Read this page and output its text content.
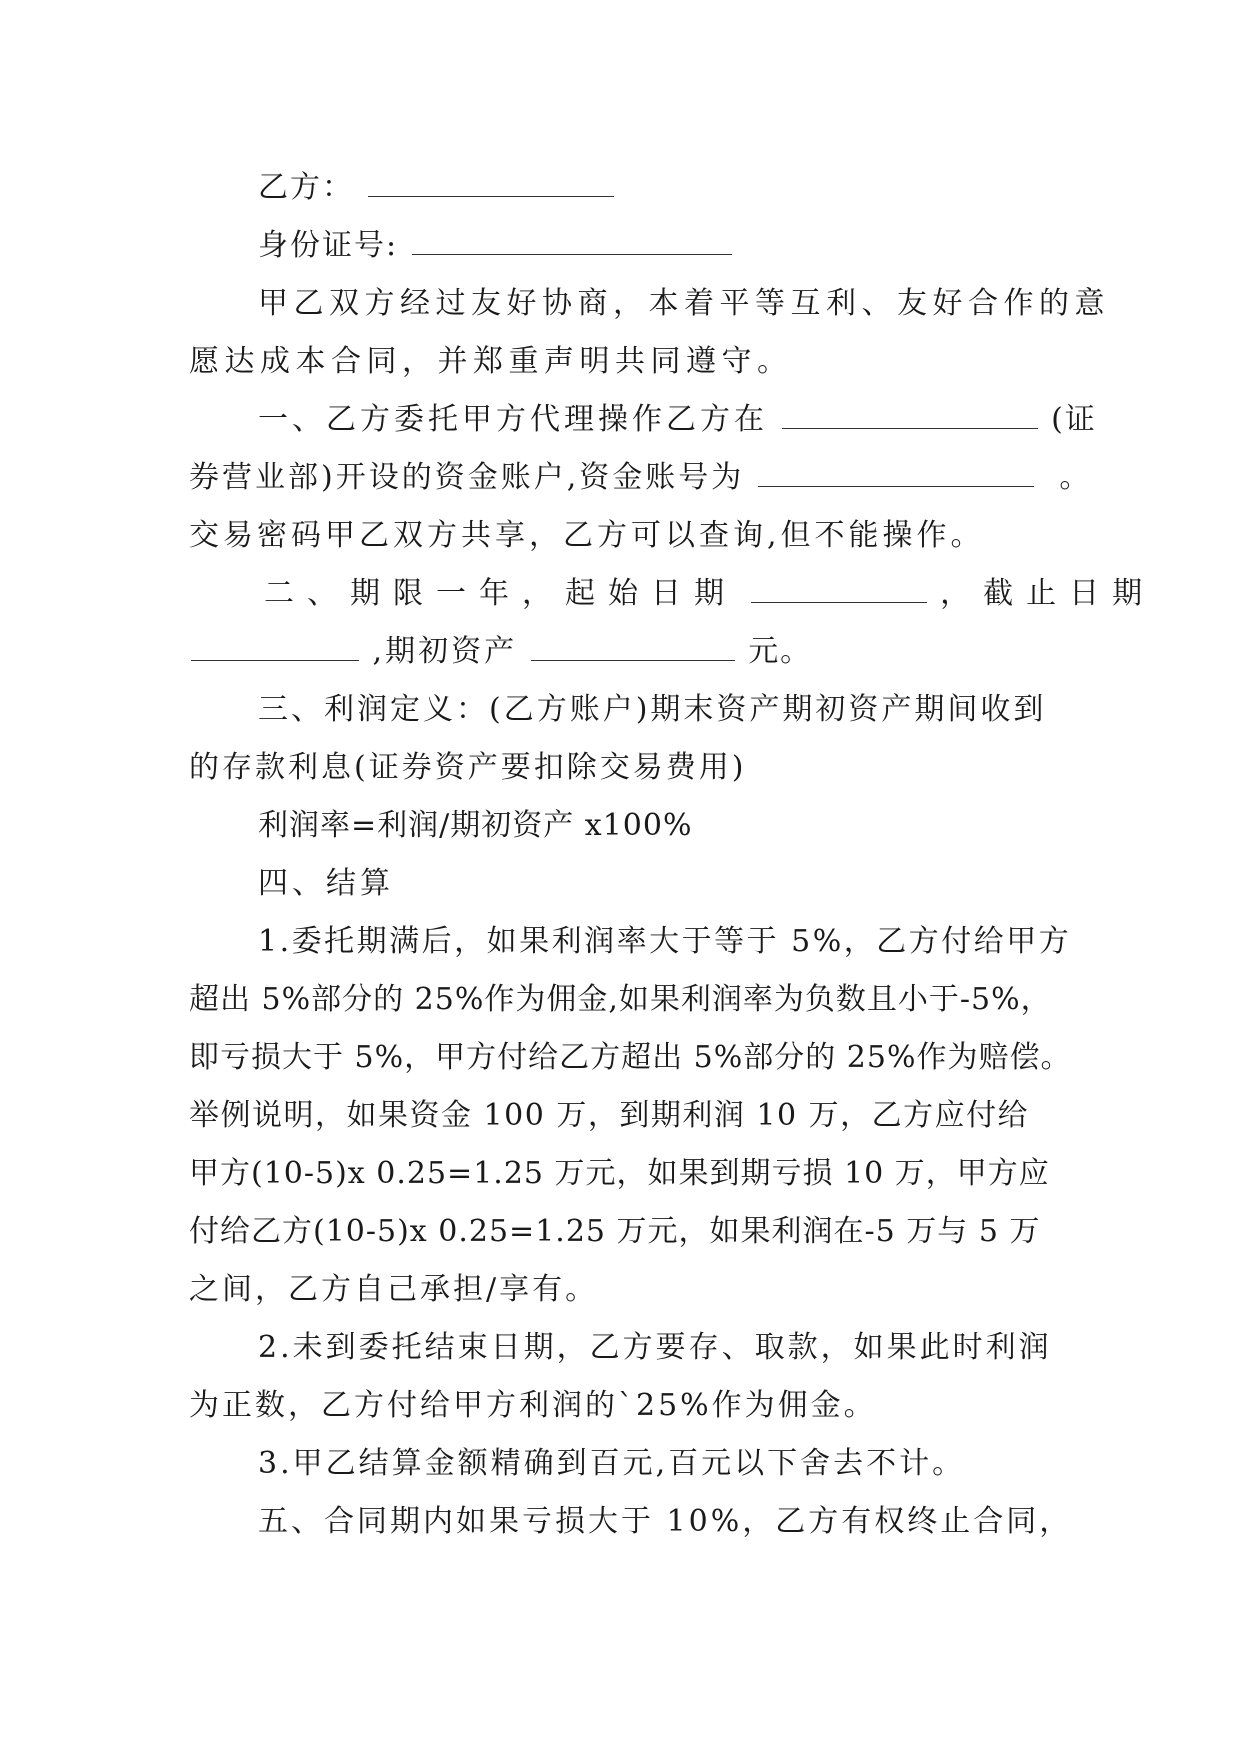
乙方：
身份证号:
甲乙双方经过友好协商，本着平等互利、友好合作的意
愿达成本合同，并郑重声明共同遵守。
一、乙方委托甲方代理操作乙方在	(证
券营业部)开设的资金账户,资金账号为	。
交易密码甲乙双方共享，乙方可以查询,但不能操作。
二、期限一年，起始日期	，截止日期
,期初资产	元。
三、利润定义：(乙方账户)期末资产期初资产期间收到
的存款利息(证券资产要扣除交易费用)
利润率=利润/期初资产 x100%
四、结算
1.委托期满后，如果利润率大于等于 5%，乙方付给甲方
超出 5%部分的 25%作为佣金,如果利润率为负数且小于-5%，
即亏损大于 5%，甲方付给乙方超出 5%部分的 25%作为赔偿。
举例说明，如果资金 100 万，到期利润 10 万，乙方应付给
甲方(10-5)x 0.25=1.25 万元，如果到期亏损 10 万，甲方应
付给乙方(10-5)x 0.25=1.25 万元，如果利润在-5 万与 5 万
之间，乙方自己承担/享有。
2.未到委托结束日期，乙方要存、取款，如果此时利润
为正数，乙方付给甲方利润的`25%作为佣金。
3.甲乙结算金额精确到百元,百元以下舍去不计。
五、合同期内如果亏损大于 10%，乙方有权终止合同，
